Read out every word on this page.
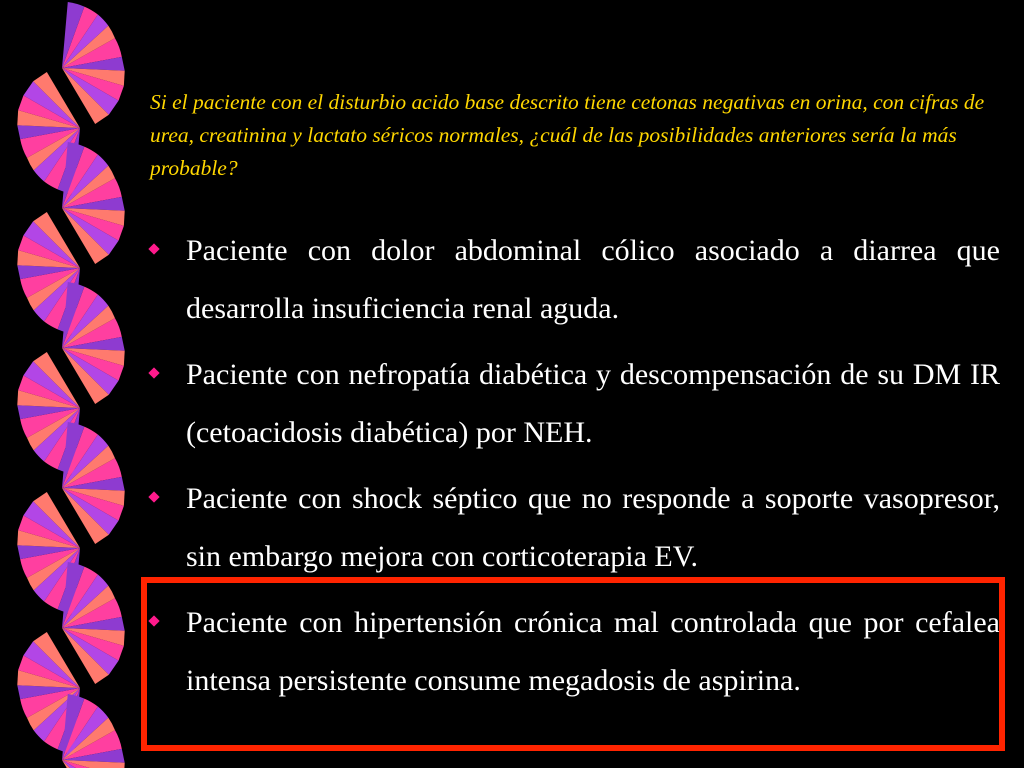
Si el paciente con el disturbio acido base descrito tiene cetonas negativas en orina, con cifras de urea, creatinina y lactato séricos normales, ¿cuál de las posibilidades anteriores sería la más probable?

Paciente con dolor abdominal cólico asociado a diarrea que desarrolla insuficiencia renal aguda.
Paciente con nefropatía diabética y descompensación de su DM IR (cetoacidosis diabética) por NEH.
Paciente con shock séptico que no responde a soporte vasopresor, sin embargo mejora con corticoterapia EV.
Paciente con hipertensión crónica mal controlada que por cefalea intensa persistente consume megadosis de aspirina.
